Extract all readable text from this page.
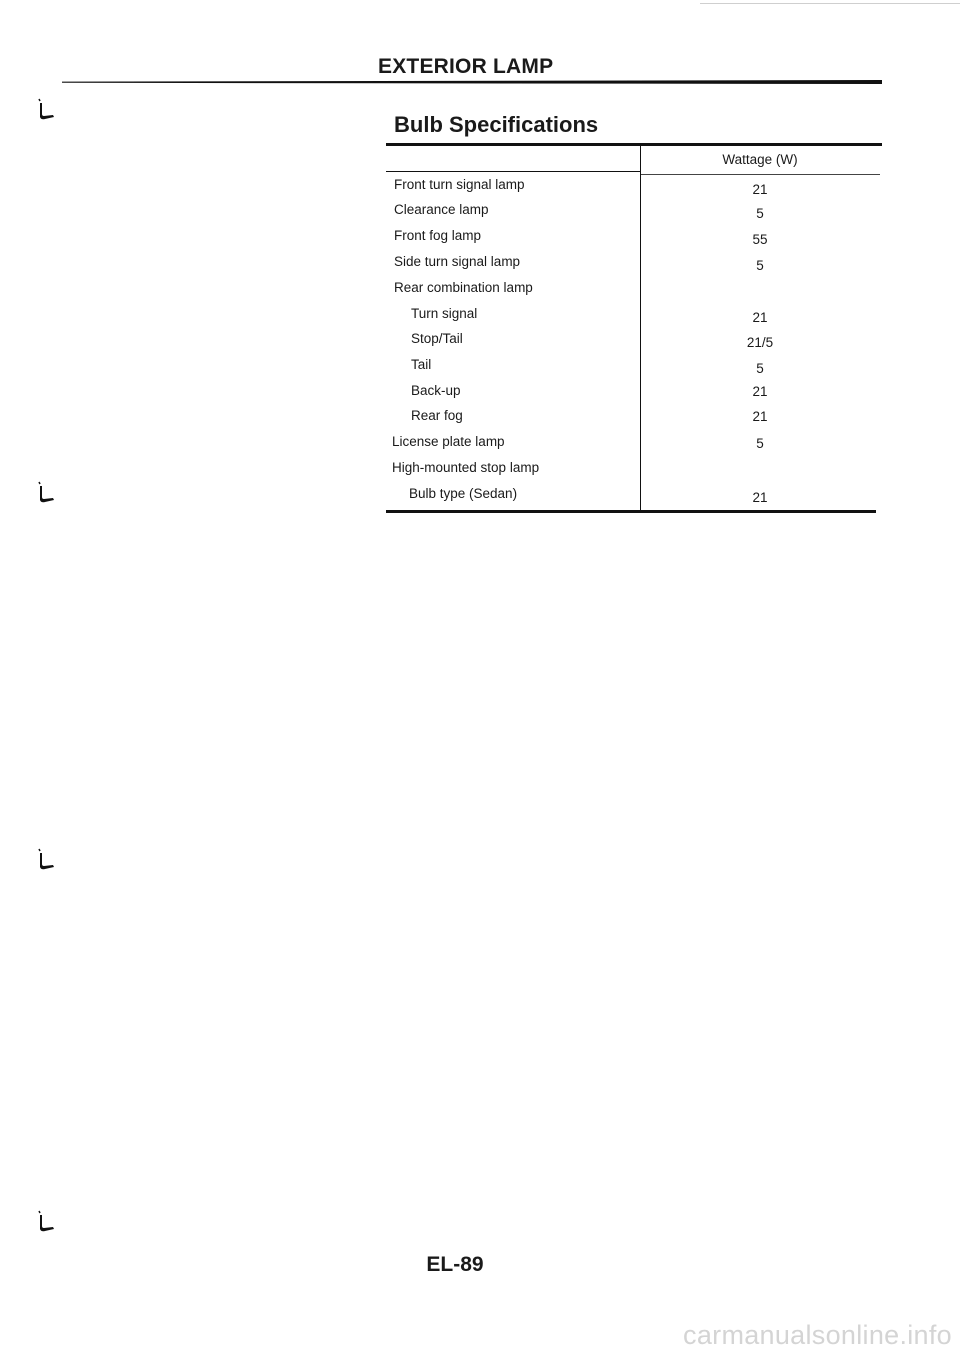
EXTERIOR LAMP
Bulb Specifications
Wattage (W)
Front turn signal lamp	21
Clearance lamp	5
Front fog lamp	55
Side turn signal lamp	5
Rear combination lamp
Turn signal	21
Stop/Tail	21/5
Tail	5
Back-up	21
Rear fog	21
License plate lamp	5
High-mounted stop lamp
Bulb type (Sedan)	21
EL-89
carmanualsonline.info
